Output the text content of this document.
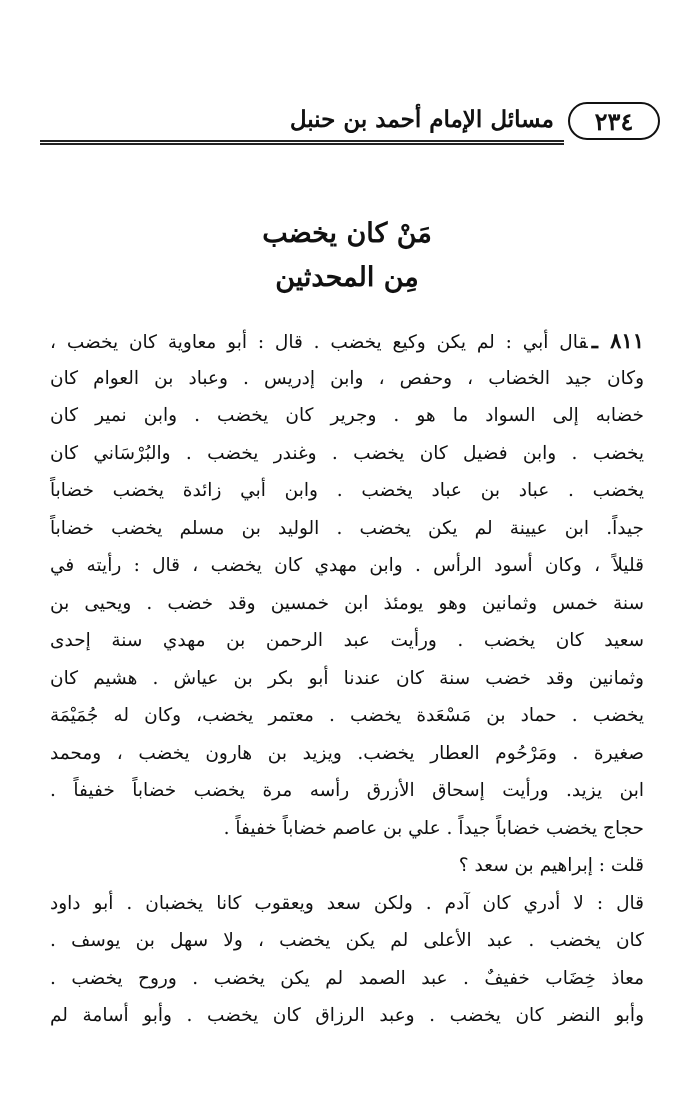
٢٣٤
مسائل الإمام أحمد بن حنبل
مَنْ كان يخضب
مِن المحدثين
٨١١ ـقال أبي : لم يكن وكيع يخضب . قال : أبو معاوية كان يخضب ،
وكان جيد الخضاب ، وحفص ، وابن إدريس . وعباد بن العوام كان
خضابه إلى السواد ما هو . وجرير كان يخضب . وابن نمير كان
يخضب . وابن فضيل كان يخضب . وغندر يخضب . والبُرْسَاني كان
يخضب . عباد بن عباد يخضب . وابن أبي زائدة يخضب خضاباً
جيداً. ابن عيينة لم يكن يخضب . الوليد بن مسلم يخضب خضاباً
قليلاً ، وكان أسود الرأس . وابن مهدي كان يخضب ، قال : رأيته في
سنة خمس وثمانين وهو يومئذ ابن خمسين وقد خضب . ويحيى بن
سعيد كان يخضب . ورأيت عبد الرحمن بن مهدي سنة إحدى
وثمانين وقد خضب سنة كان عندنا أبو بكر بن عياش . هشيم كان
يخضب . حماد بن مَسْعَدة يخضب . معتمر يخضب، وكان له جُمَيْمَة
صغيرة . ومَرْحُوم العطار يخضب. ويزيد بن هارون يخضب ، ومحمد
ابن يزيد. ورأيت إسحاق الأزرق رأسه مرة يخضب خضاباً خفيفاً .
حجاج يخضب خضاباً جيداً . علي بن عاصم خضاباً خفيفاً .
قلت : إبراهيم بن سعد ؟
قال : لا أدري كان آدم . ولكن سعد ويعقوب كانا يخضبان . أبو داود
كان يخضب . عبد الأعلى لم يكن يخضب ، ولا سهل بن يوسف .
معاذ خِضَاب خفيفٌ . عبد الصمد لم يكن يخضب . وروح يخضب .
وأبو النضر كان يخضب . وعبد الرزاق كان يخضب . وأبو أسامة لم
